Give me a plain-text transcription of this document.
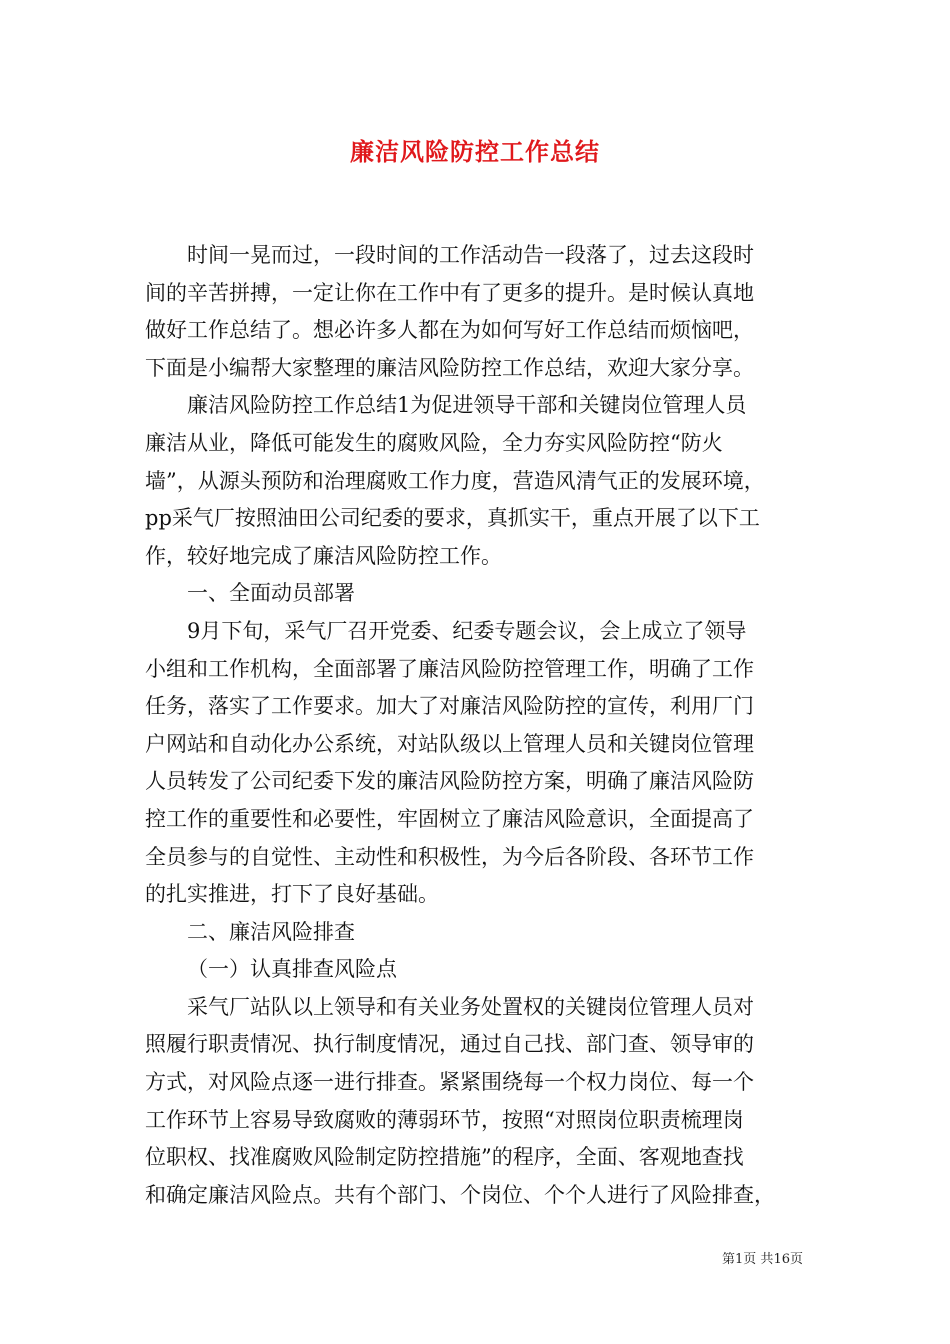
廉洁风险防控工作总结
时间一晃而过，一段时间的工作活动告一段落了，过去这段时
间的辛苦拼搏，一定让你在工作中有了更多的提升。是时候认真地
做好工作总结了。想必许多人都在为如何写好工作总结而烦恼吧，
下面是小编帮大家整理的廉洁风险防控工作总结，欢迎大家分享。
廉洁风险防控工作总结1为促进领导干部和关键岗位管理人员
廉洁从业，降低可能发生的腐败风险，全力夯实风险防控“防火
墙”，从源头预防和治理腐败工作力度，营造风清气正的发展环境，
pp采气厂按照油田公司纪委的要求，真抓实干，重点开展了以下工
作，较好地完成了廉洁风险防控工作。
一、全面动员部署
9月下旬，采气厂召开党委、纪委专题会议，会上成立了领导
小组和工作机构，全面部署了廉洁风险防控管理工作，明确了工作
任务，落实了工作要求。加大了对廉洁风险防控的宣传，利用厂门
户网站和自动化办公系统，对站队级以上管理人员和关键岗位管理
人员转发了公司纪委下发的廉洁风险防控方案，明确了廉洁风险防
控工作的重要性和必要性，牢固树立了廉洁风险意识，全面提高了
全员参与的自觉性、主动性和积极性，为今后各阶段、各环节工作
的扎实推进，打下了良好基础。
二、廉洁风险排查
（一）认真排查风险点
采气厂站队以上领导和有关业务处置权的关键岗位管理人员对
照履行职责情况、执行制度情况，通过自己找、部门查、领导审的
方式，对风险点逐一进行排查。紧紧围绕每一个权力岗位、每一个
工作环节上容易导致腐败的薄弱环节，按照“对照岗位职责梳理岗
位职权、找准腐败风险制定防控措施”的程序，全面、客观地查找
和确定廉洁风险点。共有个部门、个岗位、个个人进行了风险排查，
第1页 共16页
